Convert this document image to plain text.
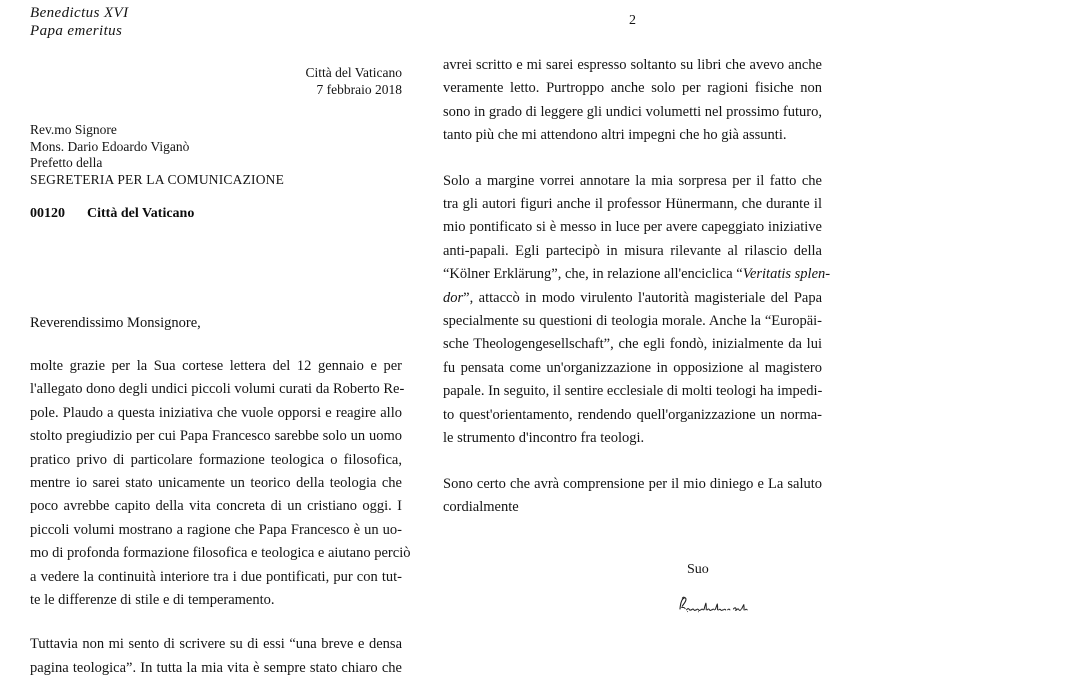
Benedictus XVI
Papa emeritus
Città del Vaticano
7 febbraio 2018
Rev.mo Signore
Mons. Dario Edoardo Viganò
Prefetto della
SEGRETERIA PER LA COMUNICAZIONE
00120 Città del Vaticano
Reverendissimo Monsignore,
molte grazie per la Sua cortese lettera del 12 gennaio e per
l'allegato dono degli undici piccoli volumi curati da Roberto Re-
pole. Plaudo a questa iniziativa che vuole opporsi e reagire allo
stolto pregiudizio per cui Papa Francesco sarebbe solo un uomo
pratico privo di particolare formazione teologica o filosofica,
mentre io sarei stato unicamente un teorico della teologia che
poco avrebbe capito della vita concreta di un cristiano oggi. I
piccoli volumi mostrano a ragione che Papa Francesco è un uo-
mo di profonda formazione filosofica e teologica e aiutano perciò
a vedere la continuità interiore tra i due pontificati, pur con tut-
te le differenze di stile e di temperamento.
Tuttavia non mi sento di scrivere su di essi “una breve e densa
pagina teologica”. In tutta la mia vita è sempre stato chiaro che
2
avrei scritto e mi sarei espresso soltanto su libri che avevo anche
veramente letto. Purtroppo anche solo per ragioni fisiche non
sono in grado di leggere gli undici volumetti nel prossimo futuro,
tanto più che mi attendono altri impegni che ho già assunti.
Solo a margine vorrei annotare la mia sorpresa per il fatto che
tra gli autori figuri anche il professor Hünermann, che durante il
mio pontificato si è messo in luce per avere capeggiato iniziative
anti-papali. Egli partecipò in misura rilevante al rilascio della
“Kölner Erklärung”, che, in relazione all'enciclica “Veritatis splen-
dor”, attaccò in modo virulento l'autorità magisteriale del Papa
specialmente su questioni di teologia morale. Anche la “Europäi-
sche Theologengesellschaft”, che egli fondò, inizialmente da lui
fu pensata come un'organizzazione in opposizione al magistero
papale. In seguito, il sentire ecclesiale di molti teologi ha impedi-
to quest'orientamento, rendendo quell'organizzazione un norma-
le strumento d'incontro fra teologi.
Sono certo che avrà comprensione per il mio diniego e La saluto
cordialmente
Suo
